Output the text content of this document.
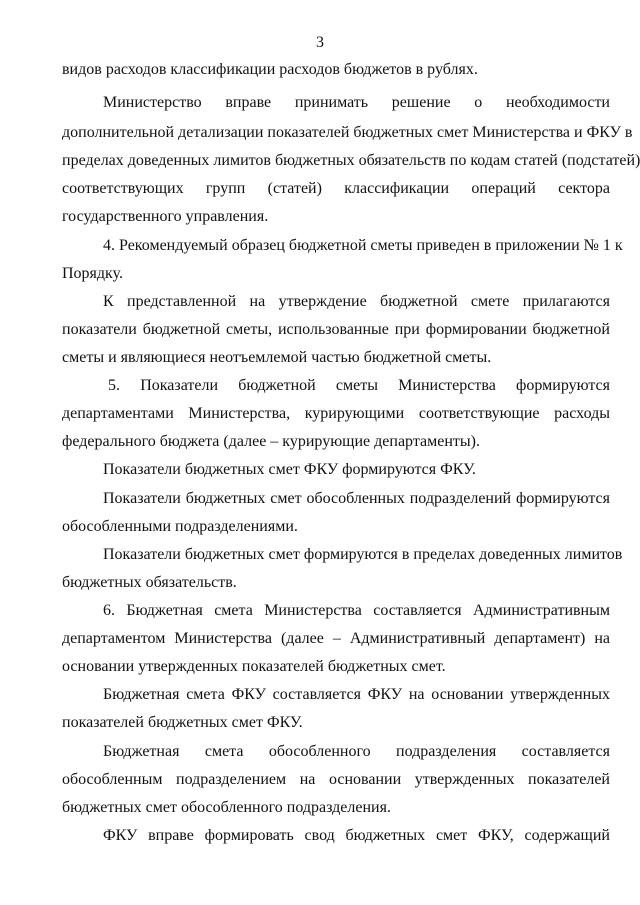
3
видов расходов классификации расходов бюджетов в рублях.
Министерство вправе принимать решение о необходимости
дополнительной детализации показателей бюджетных смет Министерства и ФКУ в
пределах доведенных лимитов бюджетных обязательств по кодам статей (подстатей)
соответствующих групп (статей) классификации операций сектора
государственного управления.
4. Рекомендуемый образец бюджетной сметы приведен в приложении № 1 к
Порядку.
К представленной на утверждение бюджетной смете прилагаются
показатели бюджетной сметы, использованные при формировании бюджетной
сметы и являющиеся неотъемлемой частью бюджетной сметы.
5. Показатели бюджетной сметы Министерства формируются
департаментами Министерства, курирующими соответствующие расходы
федерального бюджета (далее – курирующие департаменты).
Показатели бюджетных смет ФКУ формируются ФКУ.
Показатели бюджетных смет обособленных подразделений формируются
обособленными подразделениями.
Показатели бюджетных смет формируются в пределах доведенных лимитов
бюджетных обязательств.
6. Бюджетная смета Министерства составляется Административным
департаментом Министерства (далее – Административный департамент) на
основании утвержденных показателей бюджетных смет.
Бюджетная смета ФКУ составляется ФКУ на основании утвержденных
показателей бюджетных смет ФКУ.
Бюджетная смета обособленного подразделения составляется
обособленным подразделением на основании утвержденных показателей
бюджетных смет обособленного подразделения.
ФКУ вправе формировать свод бюджетных смет ФКУ, содержащий
